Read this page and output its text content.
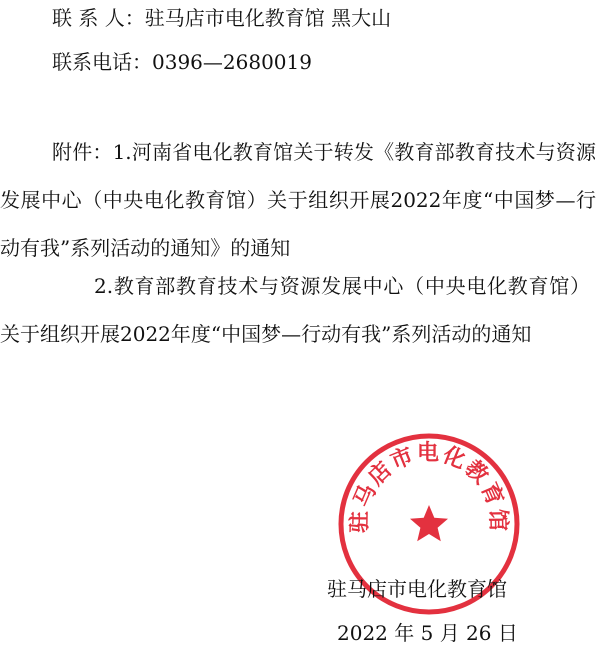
联 系 人：驻马店市电化教育馆 黑大山
联系电话：0396—2680019
附件：1.河南省电化教育馆关于转发《教育部教育技术与资源发展中心（中央电化教育馆）关于组织开展2022年度“中国梦—行动有我”系列活动的通知》的通知
2.教育部教育技术与资源发展中心（中央电化教育馆）关于组织开展2022年度“中国梦—行动有我”系列活动的通知
驻马店市电化教育馆
驻马店市电化教育馆
2022 年 5 月 26 日
